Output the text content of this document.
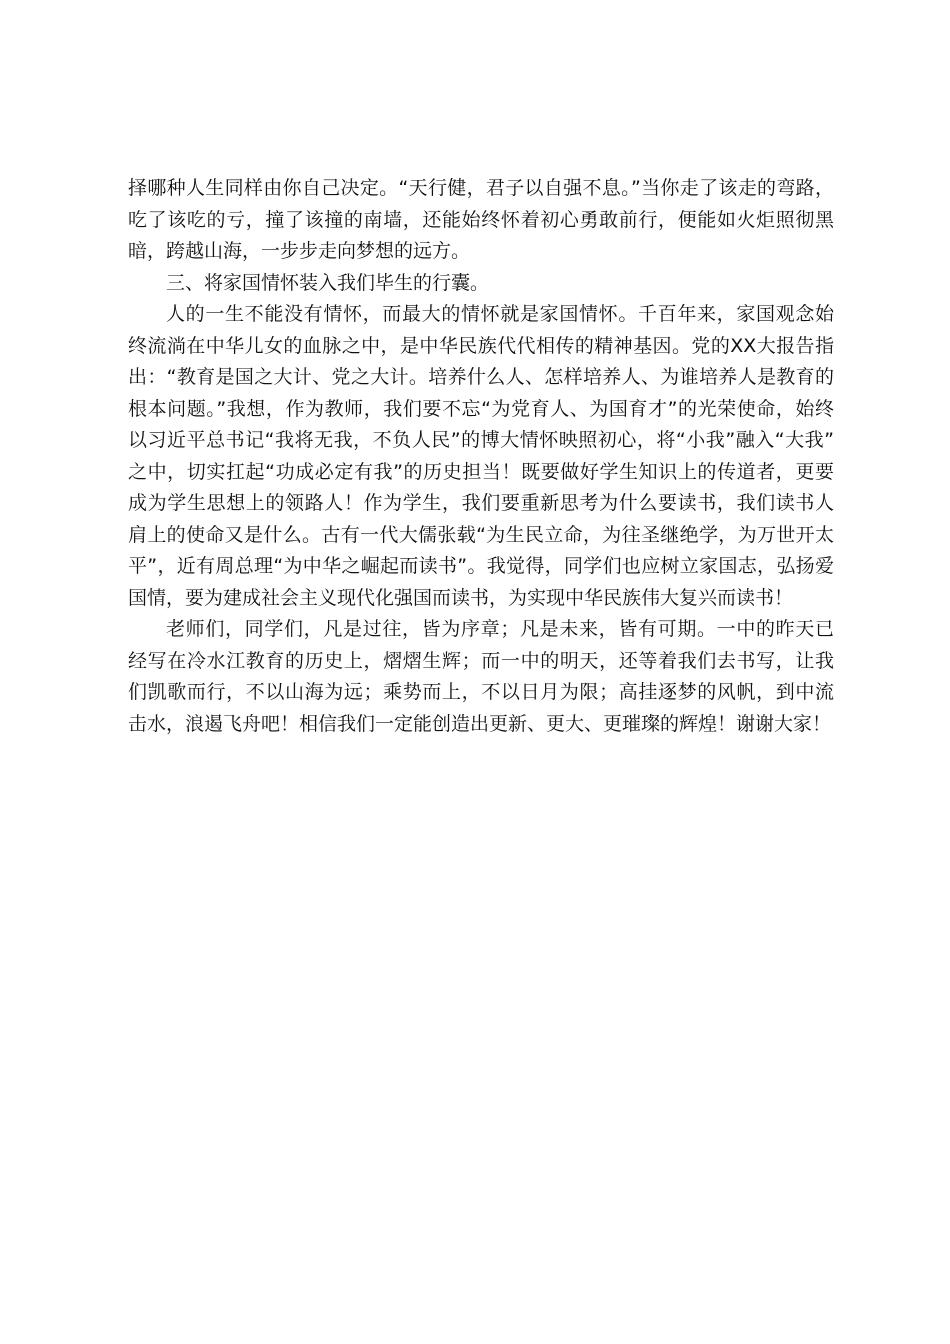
择哪种人生同样由你自己决定。“天行健，君子以自强不息。”当你走了该走的弯路，
吃了该吃的亏，撞了该撞的南墙，还能始终怀着初心勇敢前行，便能如火炬照彻黑
暗，跨越山海，一步步走向梦想的远方。
三、将家国情怀装入我们毕生的行囊。
人的一生不能没有情怀，而最大的情怀就是家国情怀。千百年来，家国观念始
终流淌在中华儿女的血脉之中，是中华民族代代相传的精神基因。党的XX大报告指
出：“教育是国之大计、党之大计。培养什么人、怎样培养人、为谁培养人是教育的
根本问题。”我想，作为教师，我们要不忘“为党育人、为国育才”的光荣使命，始终
以习近平总书记“我将无我，不负人民”的博大情怀映照初心，将“小我”融入“大我”
之中，切实扛起“功成必定有我”的历史担当！既要做好学生知识上的传道者，更要
成为学生思想上的领路人！作为学生，我们要重新思考为什么要读书，我们读书人
肩上的使命又是什么。古有一代大儒张载“为生民立命，为往圣继绝学，为万世开太
平”，近有周总理“为中华之崛起而读书”。我觉得，同学们也应树立家国志，弘扬爱
国情，要为建成社会主义现代化强国而读书，为实现中华民族伟大复兴而读书！
老师们，同学们，凡是过往，皆为序章；凡是未来，皆有可期。一中的昨天已
经写在冷水江教育的历史上，熠熠生辉；而一中的明天，还等着我们去书写，让我
们凯歌而行，不以山海为远；乘势而上，不以日月为限；高挂逐梦的风帆，到中流
击水，浪遏飞舟吧！相信我们一定能创造出更新、更大、更璀璨的辉煌！谢谢大家！
